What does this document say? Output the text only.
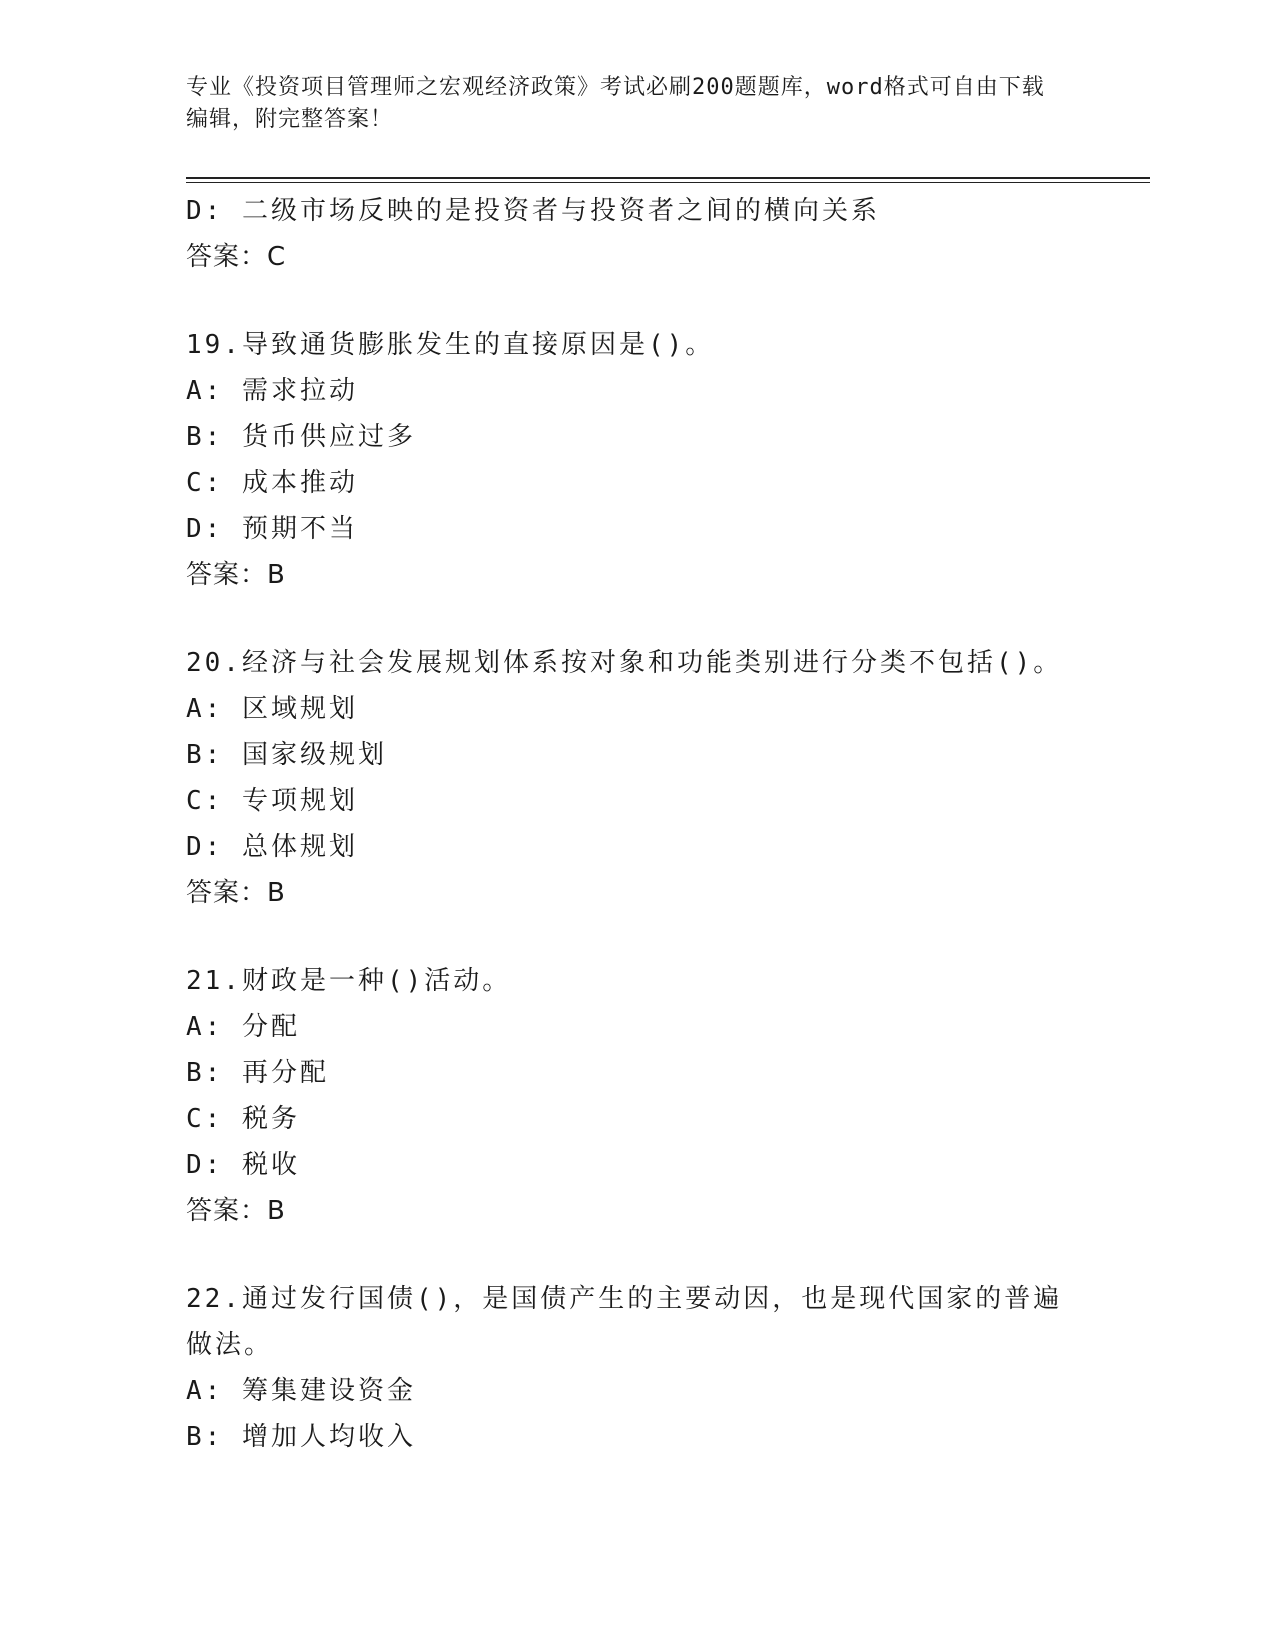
专业《投资项目管理师之宏观经济政策》考试必刷200题题库，word格式可自由下载编辑，附完整答案！
D: 二级市场反映的是投资者与投资者之间的横向关系
答案：C
19.导致通货膨胀发生的直接原因是()。
A: 需求拉动
B: 货币供应过多
C: 成本推动
D: 预期不当
答案：B
20.经济与社会发展规划体系按对象和功能类别进行分类不包括()。
A: 区域规划
B: 国家级规划
C: 专项规划
D: 总体规划
答案：B
21.财政是一种()活动。
A: 分配
B: 再分配
C: 税务
D: 税收
答案：B
22.通过发行国债()，是国债产生的主要动因，也是现代国家的普遍做法。
A: 筹集建设资金
B: 增加人均收入
